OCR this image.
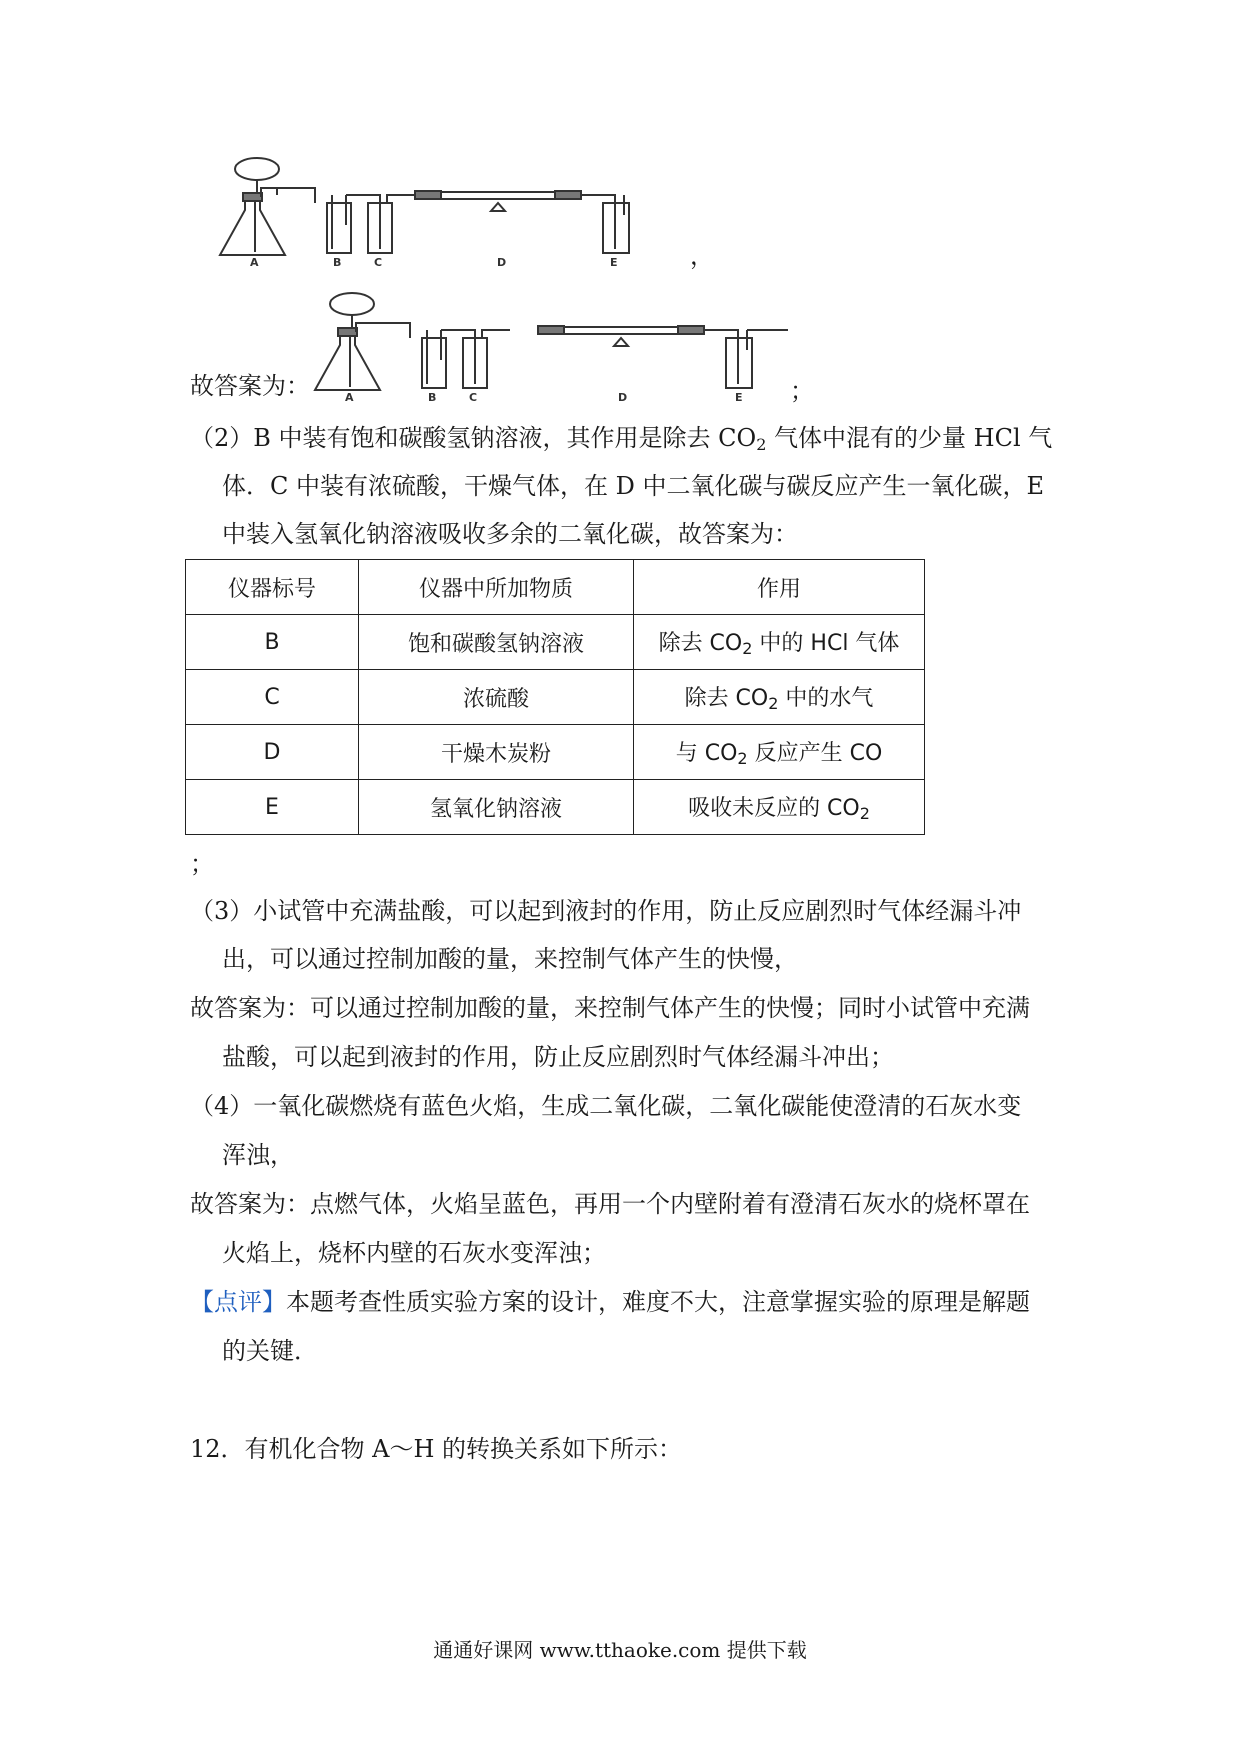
A	B	C	D	E	，
故答案为：	A	B	C	D	E ；
（2）B 中装有饱和碳酸氢钠溶液，其作用是除去 $CO_2$ 气体中混有的少量 HCl 气
体．C 中装有浓硫酸，干燥气体，在 D 中二氧化碳与碳反应产生一氧化碳，E
中装入氢氧化钠溶液吸收多余的二氧化碳，故答案为：
仪器标号	仪器中所加物质	作用
B	饱和碳酸氢钠溶液	除去 $CO_2$ 中的 HCl 气体
C	浓硫酸	除去 $CO_2$ 中的水气
D	干燥木炭粉	与 $CO_2$ 反应产生 CO
E	氢氧化钠溶液	吸收未反应的 $CO_2$
；
（3）小试管中充满盐酸，可以起到液封的作用，防止反应剧烈时气体经漏斗冲
出，可以通过控制加酸的量，来控制气体产生的快慢，
故答案为：可以通过控制加酸的量，来控制气体产生的快慢；同时小试管中充满
盐酸，可以起到液封的作用，防止反应剧烈时气体经漏斗冲出；
（4）一氧化碳燃烧有蓝色火焰，生成二氧化碳，二氧化碳能使澄清的石灰水变
浑浊，
故答案为：点燃气体，火焰呈蓝色，再用一个内壁附着有澄清石灰水的烧杯罩在
火焰上，烧杯内壁的石灰水变浑浊；
【点评】本题考查性质实验方案的设计，难度不大，注意掌握实验的原理是解题
的关键．
12．有机化合物 A～H 的转换关系如下所示：
通通好课网 www.tthaoke.com 提供下载
